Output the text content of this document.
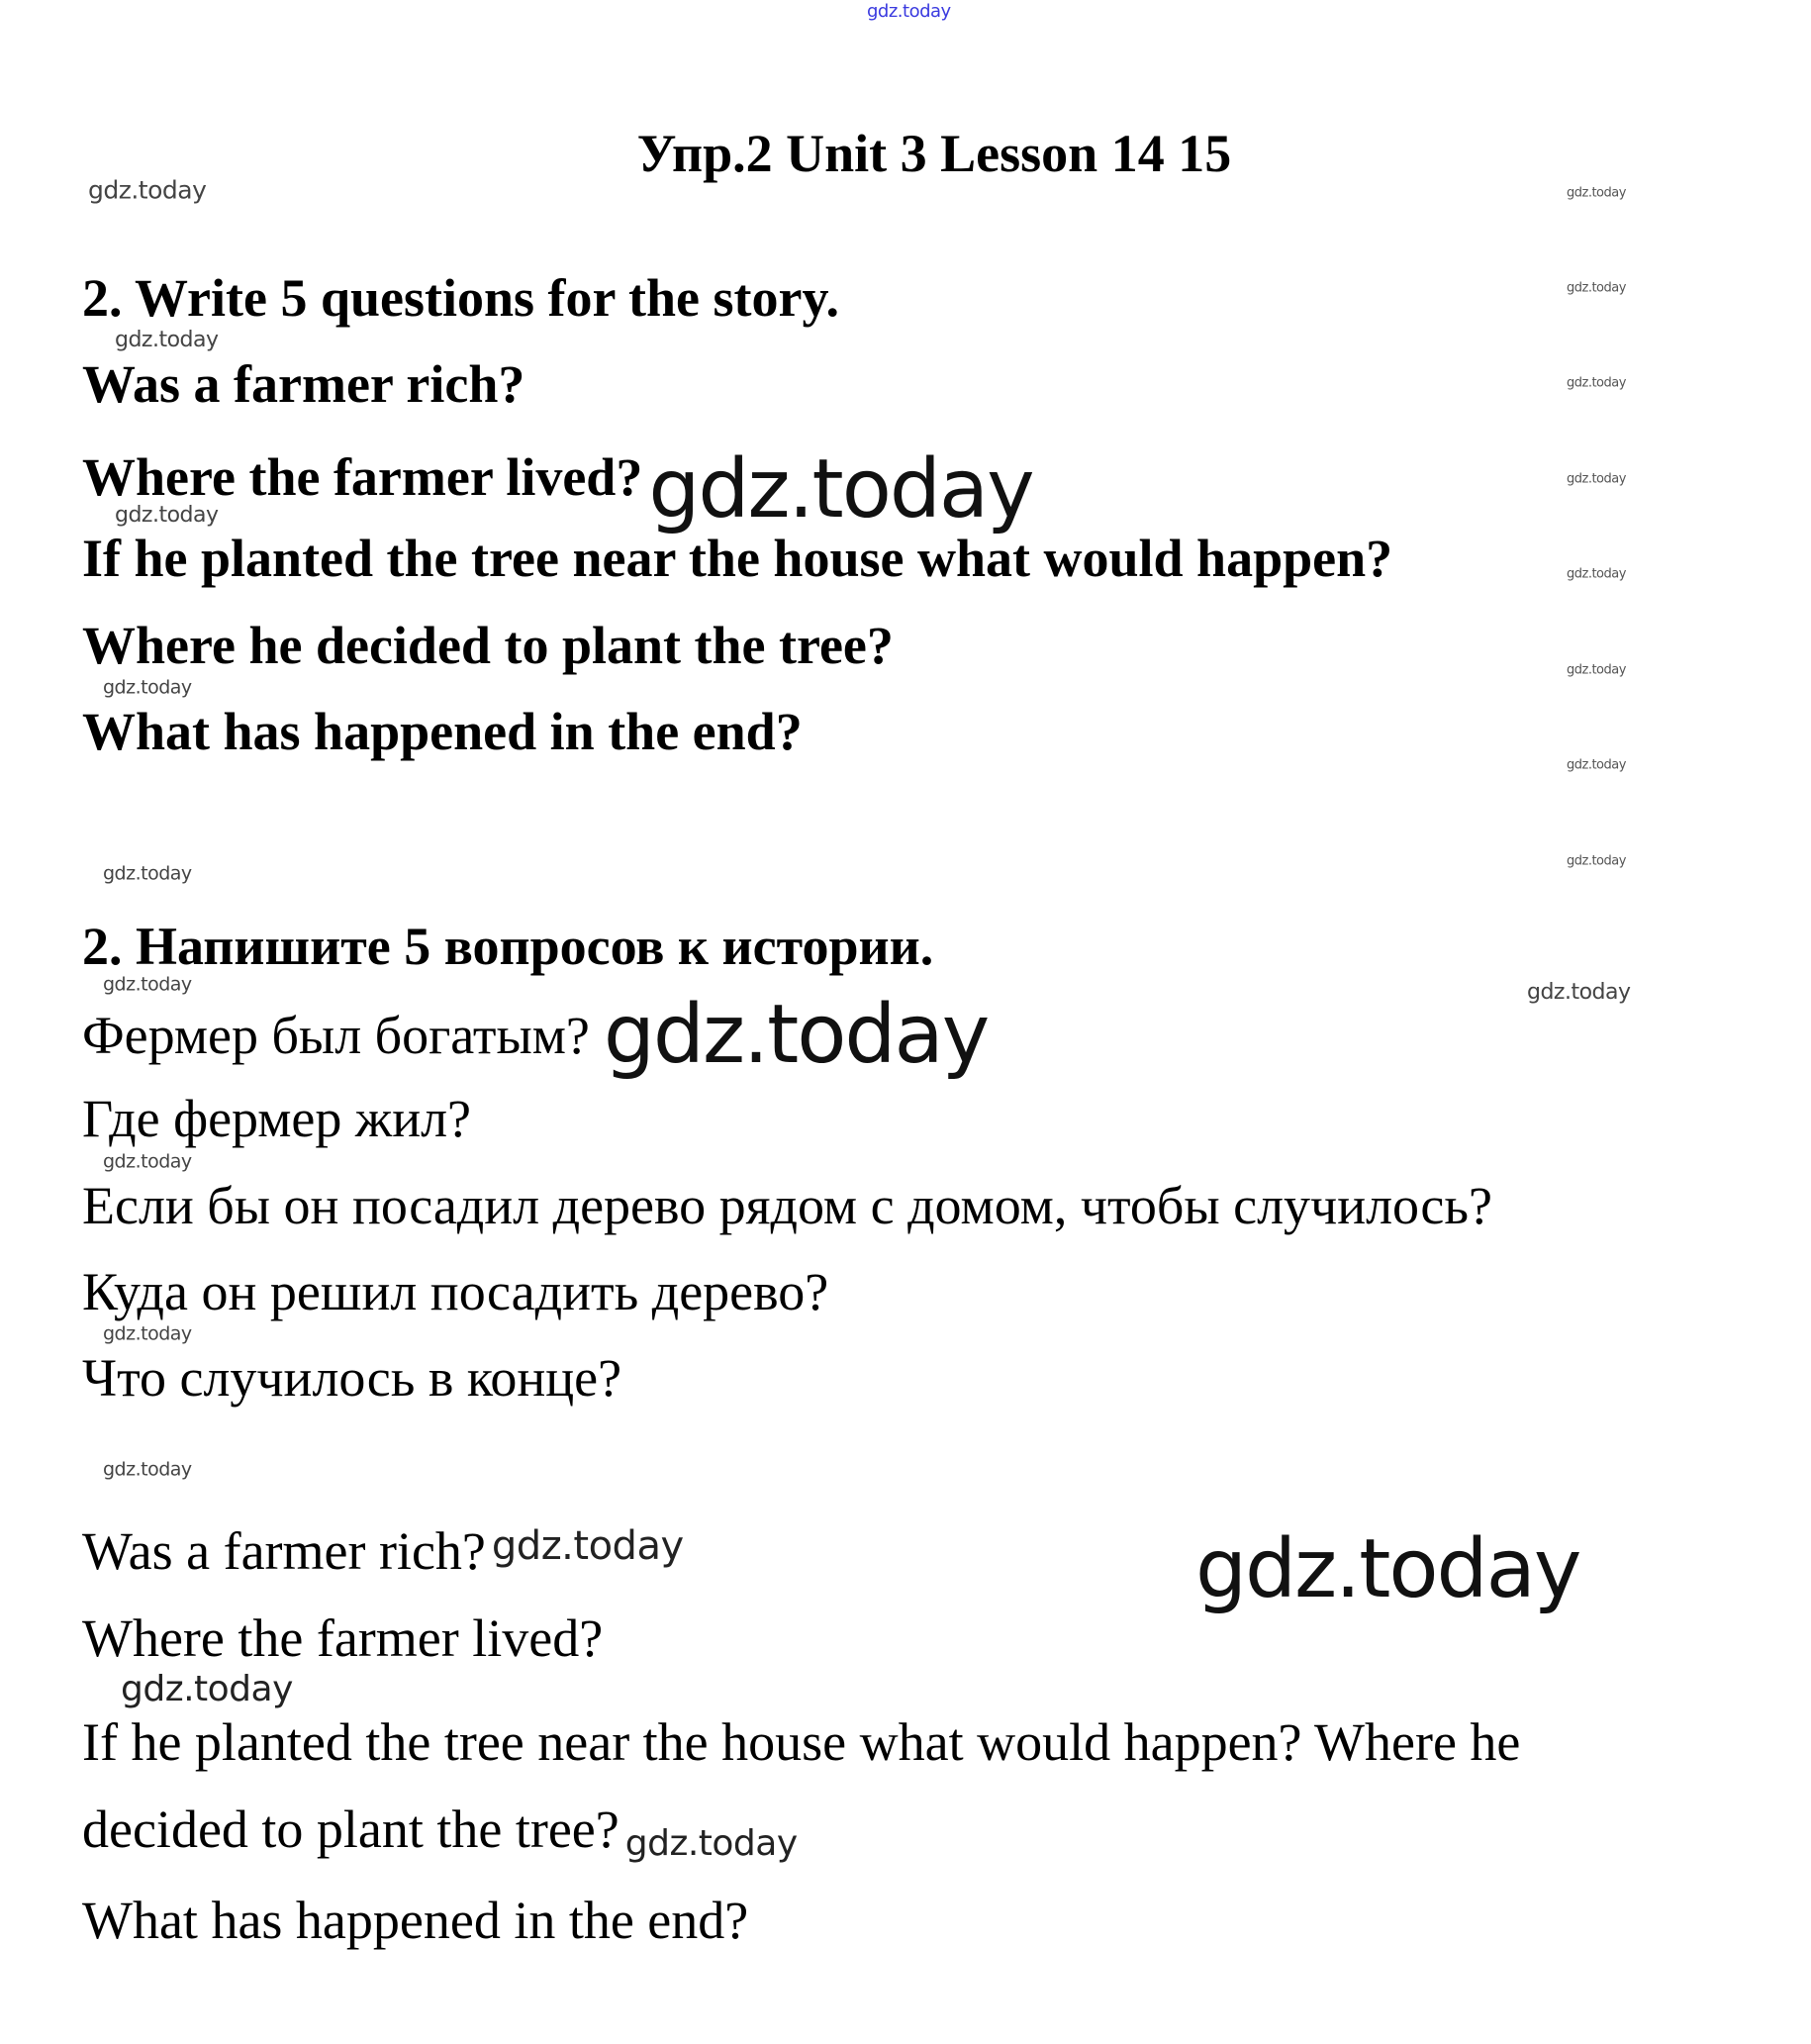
gdz.today
Упр.2 Unit 3 Lesson 14 15
2. Write 5 questions for the story.
Was a farmer rich?
Where the farmer lived? gdz.today
If he planted the tree near the house what would happen?
Where he decided to plant the tree?
What has happened in the end?
2. Напишите 5 вопросов к истории.
Фермер был богатым? gdz.today
Где фермер жил?
Если бы он посадил дерево рядом с домом, чтобы случилось?
Куда он решил посадить дерево?
Что случилось в конце?
Was a farmer rich? gdz.today
Where the farmer lived?
If he planted the tree near the house what would happen? Where he
decided to plant the tree? gdz.today
What has happened in the end?
gdz.today
gdz.today
gdz.today
gdz.today
gdz.today
gdz.today
gdz.today
gdz.today
gdz.today
gdz.today
gdz.today
gdz.today
gdz.today
gdz.today	gdz.today
gdz.today
gdz.today
gdz.today
gdz.today
gdz.today
